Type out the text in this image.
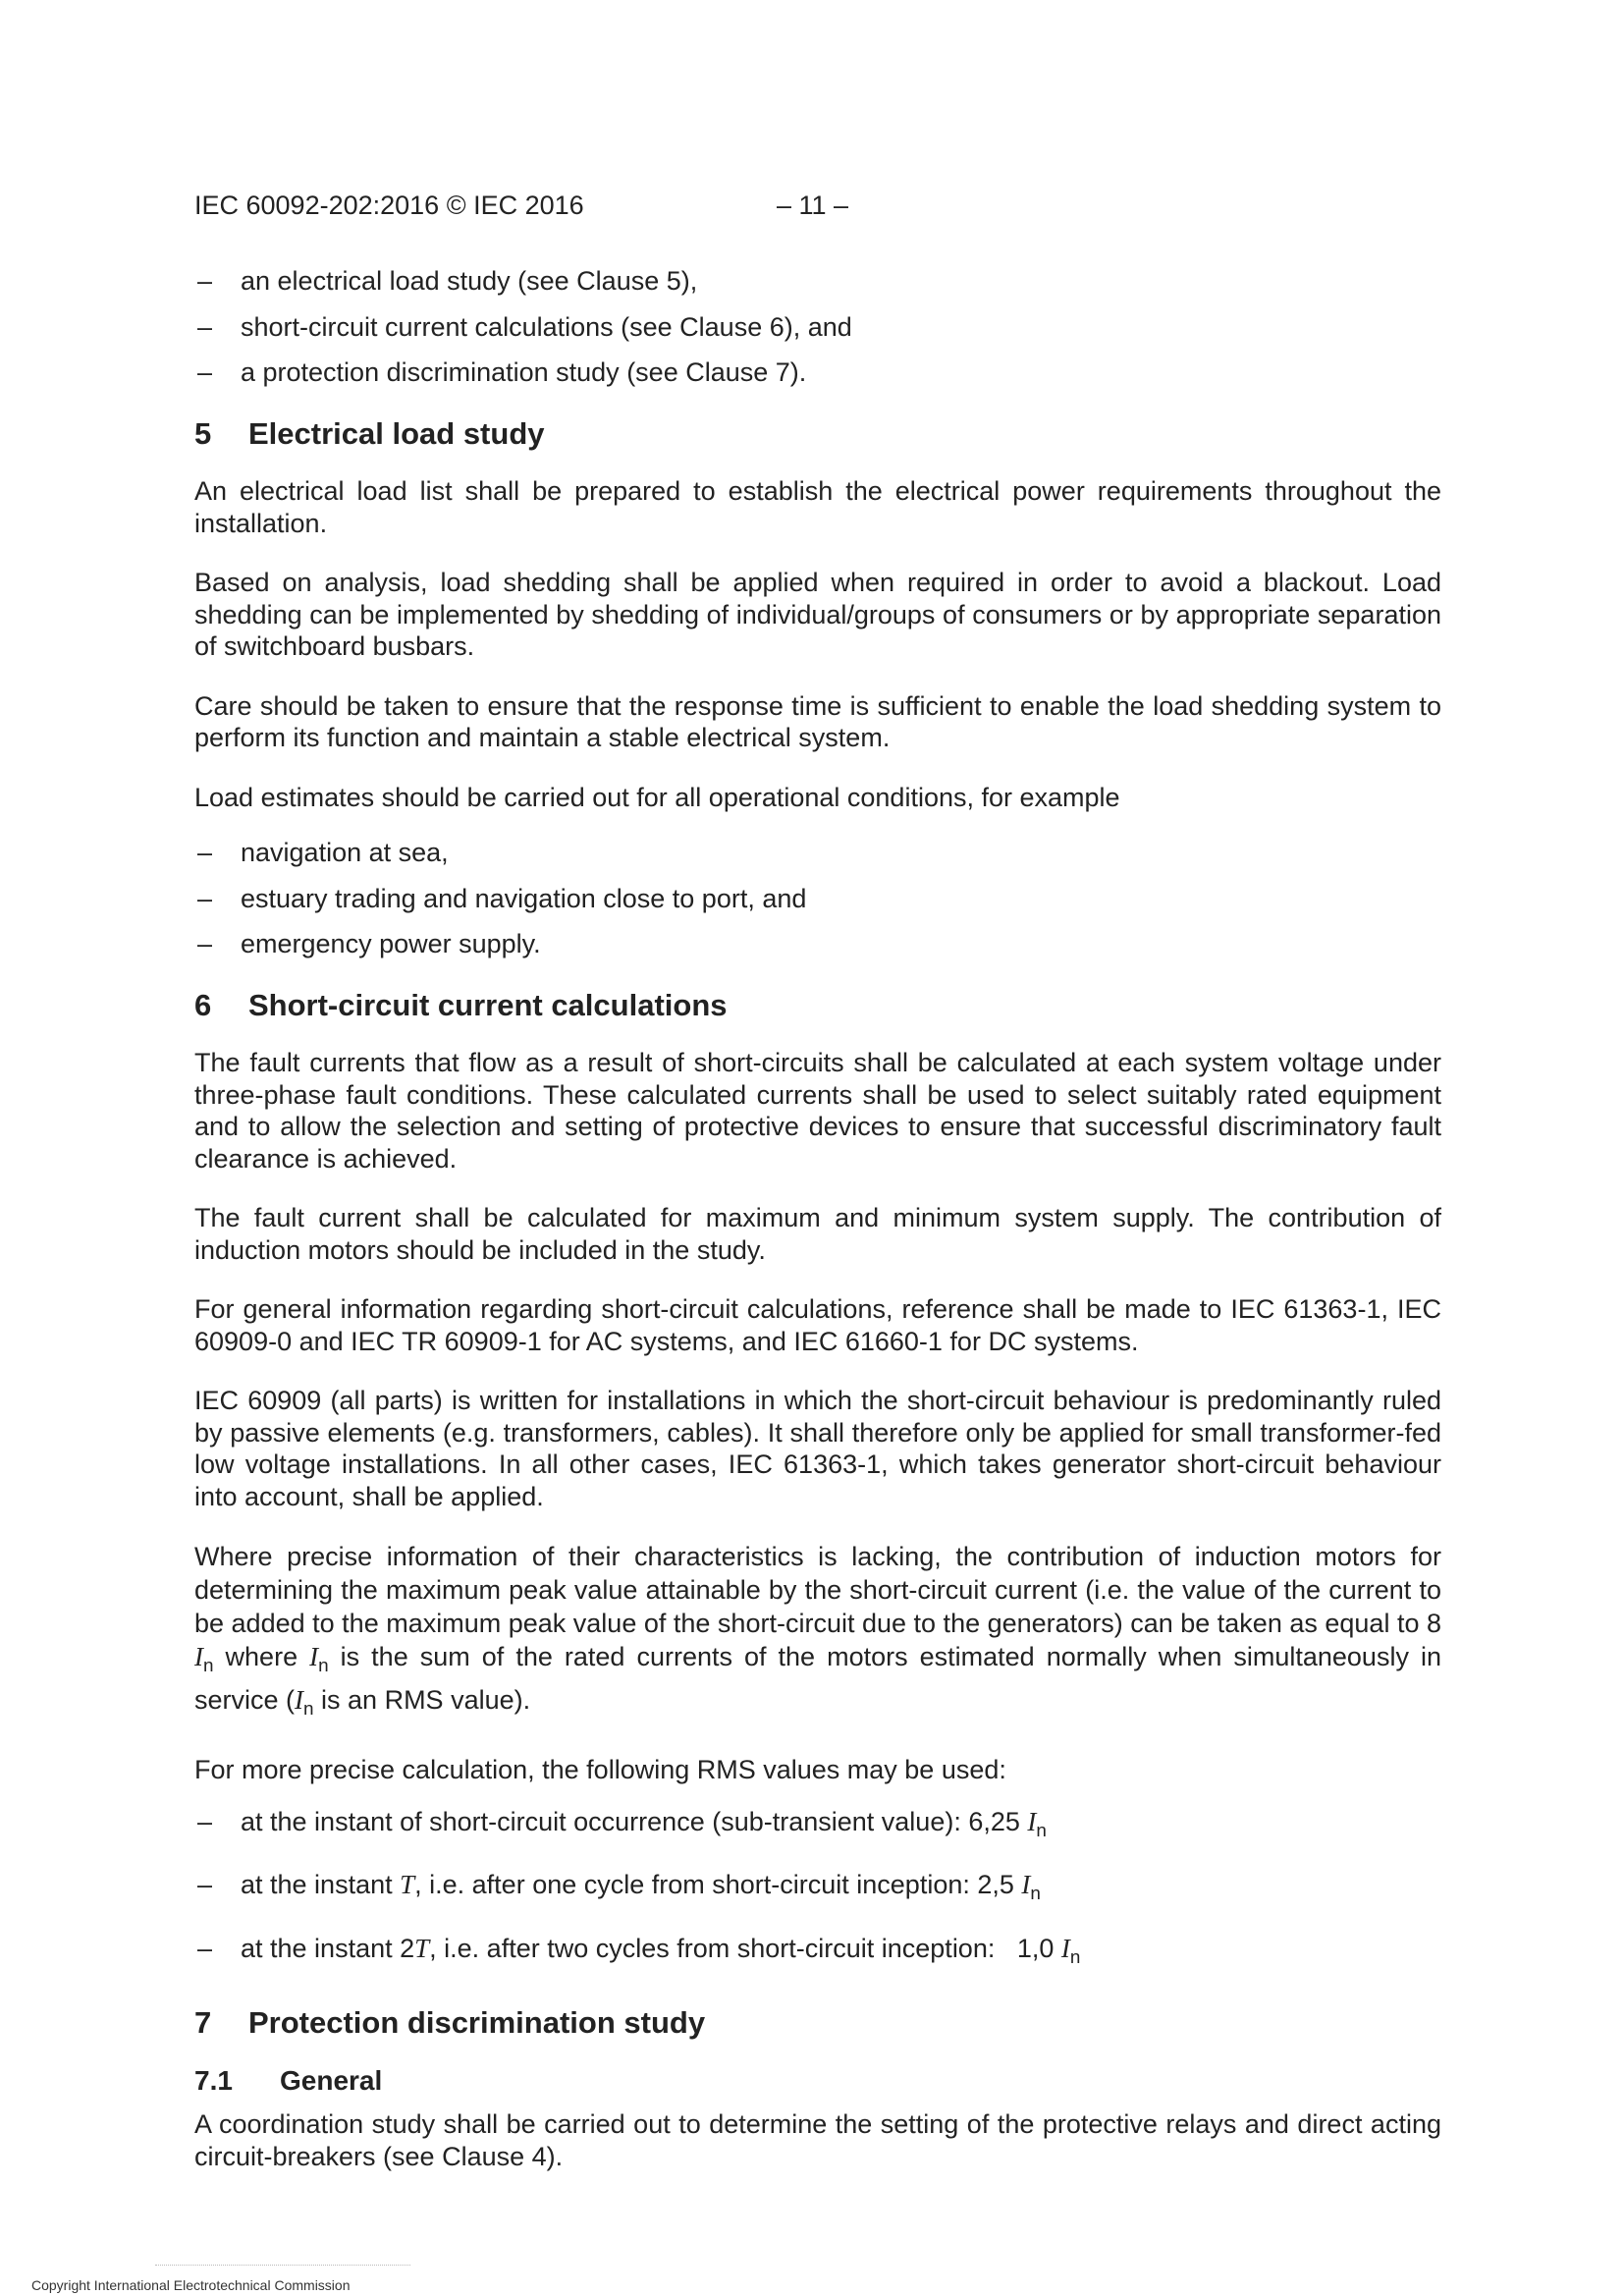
IEC 60092-202:2016 © IEC 2016	– 11 –
– an electrical load study (see Clause 5),
– short-circuit current calculations (see Clause 6), and
– a protection discrimination study (see Clause 7).
5	Electrical load study

An electrical load list shall be prepared to establish the electrical power requirements throughout the installation.

Based on analysis, load shedding shall be applied when required in order to avoid a blackout. Load shedding can be implemented by shedding of individual/groups of consumers or by appropriate separation of switchboard busbars.

Care should be taken to ensure that the response time is sufficient to enable the load shedding system to perform its function and maintain a stable electrical system.

Load estimates should be carried out for all operational conditions, for example

– navigation at sea,
– estuary trading and navigation close to port, and
– emergency power supply.
6	Short-circuit current calculations

The fault currents that flow as a result of short-circuits shall be calculated at each system voltage under three-phase fault conditions. These calculated currents shall be used to select suitably rated equipment and to allow the selection and setting of protective devices to ensure that successful discriminatory fault clearance is achieved.

The fault current shall be calculated for maximum and minimum system supply. The contribution of induction motors should be included in the study.

For general information regarding short-circuit calculations, reference shall be made to IEC 61363-1, IEC 60909-0 and IEC TR 60909-1 for AC systems, and IEC 61660-1 for DC systems.

IEC 60909 (all parts) is written for installations in which the short-circuit behaviour is predominantly ruled by passive elements (e.g. transformers, cables). It shall therefore only be applied for small transformer-fed low voltage installations. In all other cases, IEC 61363-1, which takes generator short-circuit behaviour into account, shall be applied.

Where precise information of their characteristics is lacking, the contribution of induction motors for determining the maximum peak value attainable by the short-circuit current (i.e. the value of the current to be added to the maximum peak value of the short-circuit due to the generators) can be taken as equal to 8 $I_n$ where $I_n$ is the sum of the rated currents of the motors estimated normally when simultaneously in service ($I_n$ is an RMS value).

For more precise calculation, the following RMS values may be used:

– at the instant of short-circuit occurrence (sub-transient value): 6,25 $I_n$
– at the instant T, i.e. after one cycle from short-circuit inception: 2,5 $I_n$
– at the instant 2T, i.e. after two cycles from short-circuit inception:   1,0 $I_n$
7	Protection discrimination study
7.1	General

A coordination study shall be carried out to determine the setting of the protective relays and direct acting circuit-breakers (see Clause 4).

Copyright International Electrotechnical Commission
